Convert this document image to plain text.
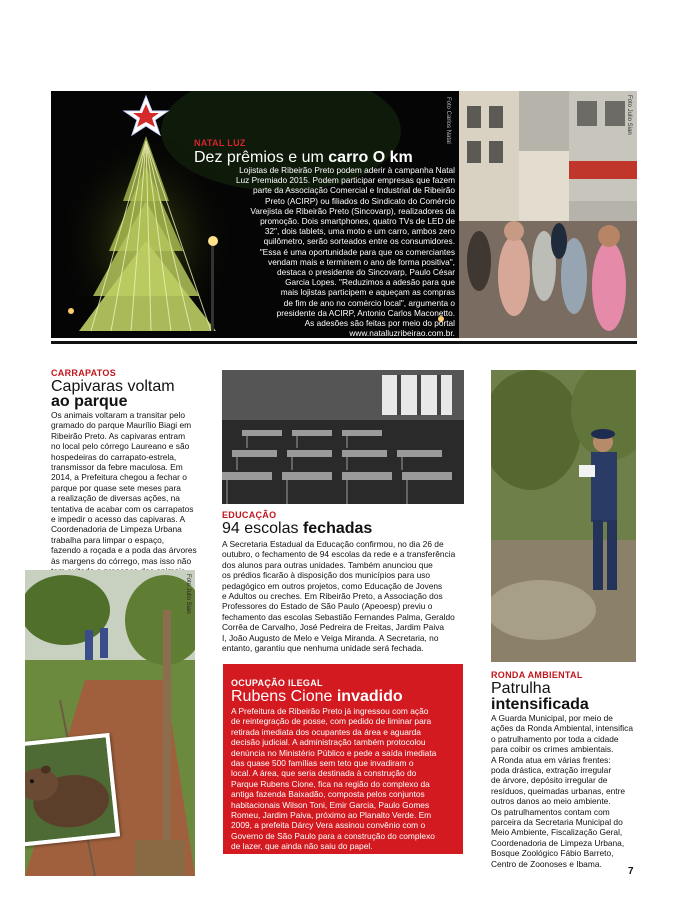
Foto Carlos Natal
NATAL LUZ
Dez prêmios e um carro O km
Lojistas de Ribeirão Preto podem aderir à campanha Natal
Luz Premiado 2015. Podem participar empresas que fazem
parte da Associação Comercial e Industrial de Ribeirão
Preto (ACIRP) ou filiados do Sindicato do Comércio
Varejista de Ribeirão Preto (Sincovarp), realizadores da
promoção. Dois smartphones, quatro TVs de LED de
32", dois tablets, uma moto e um carro, ambos zero
quilômetro, serão sorteados entre os consumidores.
"Essa é uma oportunidade para que os comerciantes
vendam mais e terminem o ano de forma positiva",
destaca o presidente do Sincovarp, Paulo César
Garcia Lopes. "Reduzimos a adesão para que
mais lojistas participem e aqueçam as compras
de fim de ano no comércio local", argumenta o
presidente da ACIRP, Antonio Carlos Maconetto.
As adesões são feitas por meio do portal
www.natalluzribeirao.com.br.
Foto Julio Sian
CARRAPATOS
Capivaras voltam
ao parque
Os animais voltaram a transitar pelo
gramado do parque Maurílio Biagi em
Ribeirão Preto. As capivaras entram
no local pelo córrego Laureano e são
hospedeiras do carrapato-estrela,
transmissor da febre maculosa. Em
2014, a Prefeitura chegou a fechar o
parque por quase sete meses para
a realização de diversas ações, na
tentativa de acabar com os carrapatos
e impedir o acesso das capivaras. A
Coordenadoria de Limpeza Urbana
trabalha para limpar o espaço,
fazendo a roçada e a poda das árvores
às margens do córrego, mas isso não
Foto Julio Sian
EDUCAÇÃO
94 escolas fechadas
A Secretaria Estadual da Educação confirmou, no dia 26 de
outubro, o fechamento de 94 escolas da rede e a transferência
dos alunos para outras unidades. Também anunciou que
os prédios ficarão à disposição dos municípios para uso
pedagógico em outros projetos, como Educação de Jovens
e Adultos ou creches. Em Ribeirão Preto, a Associação dos
Professores do Estado de São Paulo (Apeoesp) previu o
fechamento das escolas Sebastião Fernandes Palma, Geraldo
Corrêa de Carvalho, José Pedreira de Freitas, Jardim Paiva
I, João Augusto de Melo e Veiga Miranda. A Secretaria, no
entanto, garantiu que nenhuma unidade será fechada.
OCUPAÇÃO ILEGAL
Rubens Cione invadido
A Prefeitura de Ribeirão Preto já ingressou com ação
de reintegração de posse, com pedido de liminar para
retirada imediata dos ocupantes da área e aguarda
decisão judicial. A administração também protocolou
denúncia no Ministério Público e pede a saída imediata
das quase 500 famílias sem teto que invadiram o
local. A área, que seria destinada à construção do
Parque Rubens Cione, fica na região do complexo da
antiga fazenda Baixadão, composta pelos conjuntos
habitacionais Wilson Toni, Emir Garcia, Paulo Gomes
Romeu, Jardim Paiva, próximo ao Planalto Verde. Em
2009, a prefeita Dárcy Vera assinou convênio com o
Governo de São Paulo para a construção do complexo
de lazer, que ainda não saiu do papel.
RONDA AMBIENTAL
Patrulha
intensificada
A Guarda Municipal, por meio de
ações da Ronda Ambiental, intensifica
o patrulhamento por toda a cidade
para coibir os crimes ambientais.
A Ronda atua em várias frentes:
poda drástica, extração irregular
de árvore, depósito irregular de
resíduos, queimadas urbanas, entre
outros danos ao meio ambiente.
Os patrulhamentos contam com
parceira da Secretaria Municipal do
Meio Ambiente, Fiscalização Geral,
Coordenadoria de Limpeza Urbana,
Bosque Zoológico Fábio Barreto,
Centro de Zoonoses e Ibama.
7
